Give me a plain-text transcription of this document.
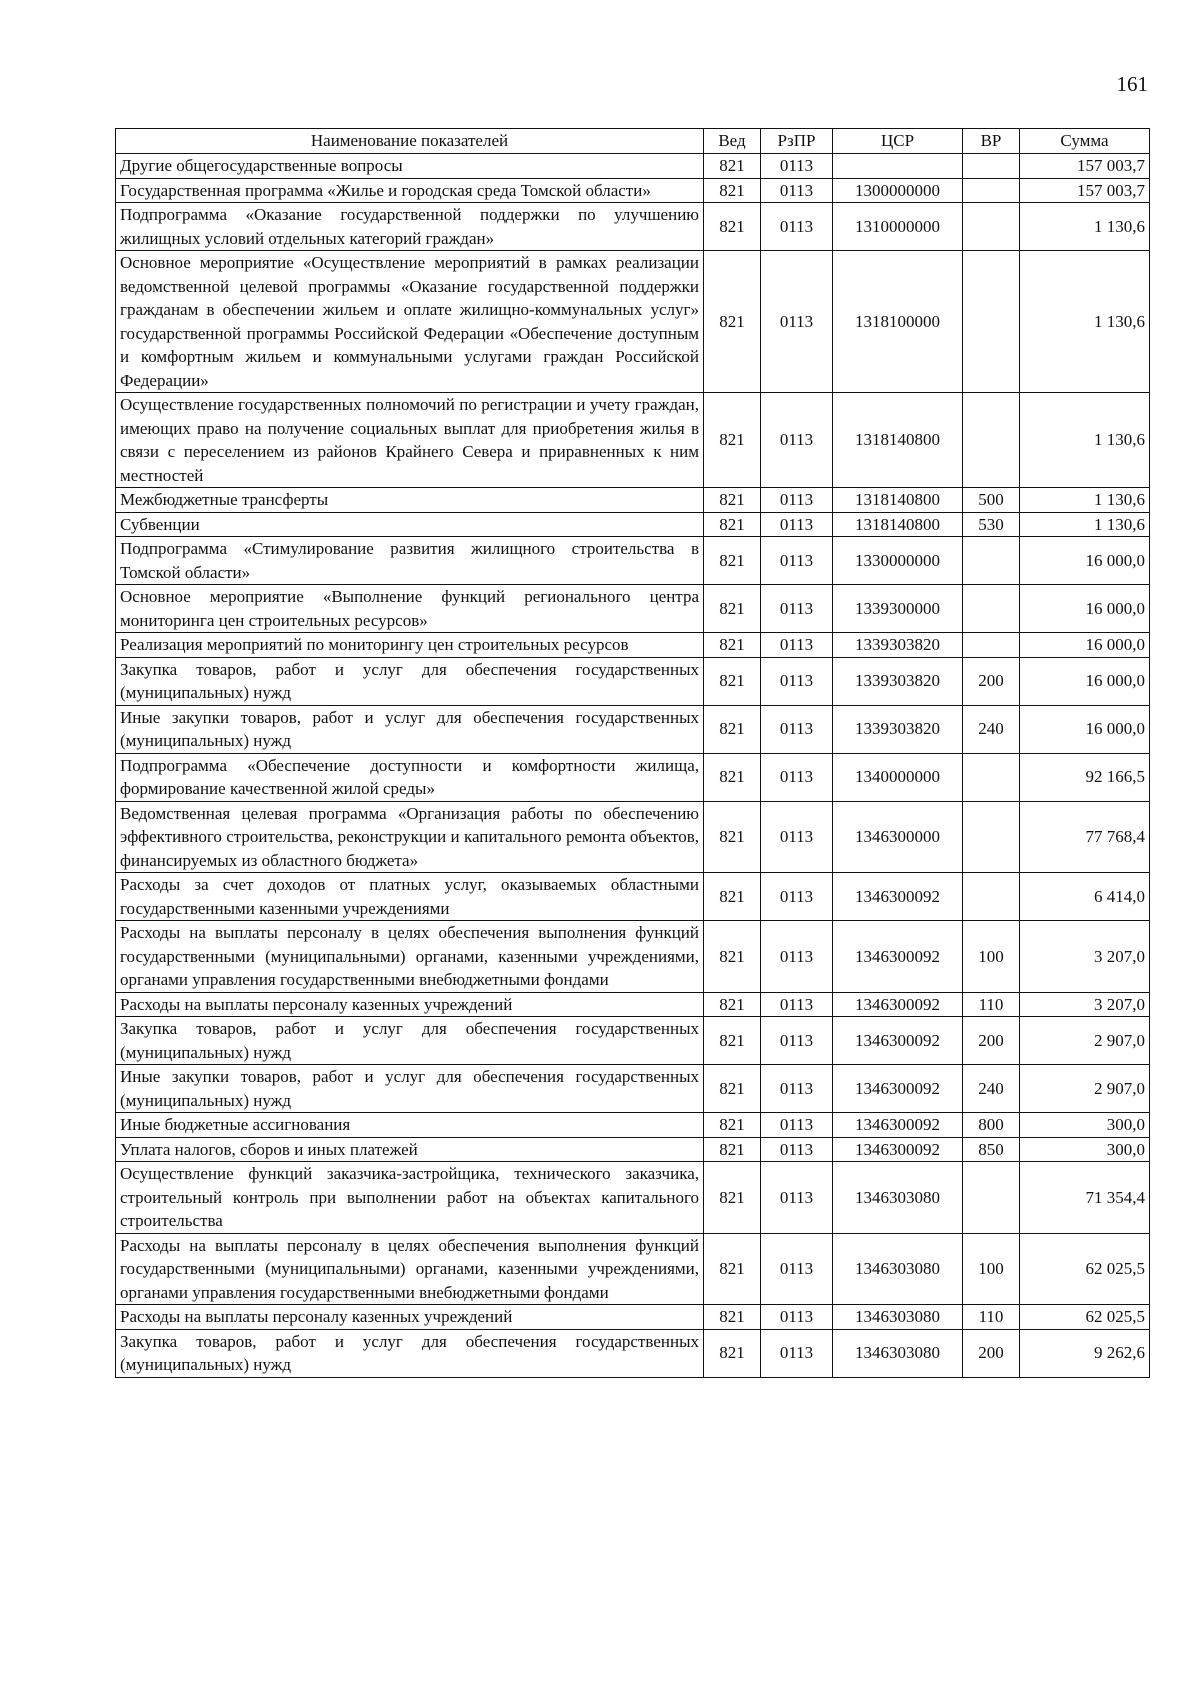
161
Наименование показателей	Вед	РзПР	ЦСР	ВР	Сумма
Другие общегосударственные вопросы	821	0113			157 003,7
Государственная программа «Жилье и городская среда Томской области»	821	0113	1300000000		157 003,7
Подпрограмма «Оказание государственной поддержки по улучшению жилищных условий отдельных категорий граждан»	821	0113	1310000000		1 130,6
Основное мероприятие «Осуществление мероприятий в рамках реализации ведомственной целевой программы «Оказание государственной поддержки гражданам в обеспечении жильем и оплате жилищно-коммунальных услуг» государственной программы Российской Федерации «Обеспечение доступным и комфортным жильем и коммунальными услугами граждан Российской Федерации»	821	0113	1318100000		1 130,6
Осуществление государственных полномочий по регистрации и учету граждан, имеющих право на получение социальных выплат для приобретения жилья в связи с переселением из районов Крайнего Севера и приравненных к ним местностей	821	0113	1318140800		1 130,6
Межбюджетные трансферты	821	0113	1318140800	500	1 130,6
Субвенции	821	0113	1318140800	530	1 130,6
Подпрограмма «Стимулирование развития жилищного строительства в Томской области»	821	0113	1330000000		16 000,0
Основное мероприятие «Выполнение функций регионального центра мониторинга цен строительных ресурсов»	821	0113	1339300000		16 000,0
Реализация мероприятий по мониторингу цен строительных ресурсов	821	0113	1339303820		16 000,0
Закупка товаров, работ и услуг для обеспечения государственных (муниципальных) нужд	821	0113	1339303820	200	16 000,0
Иные закупки товаров, работ и услуг для обеспечения государственных (муниципальных) нужд	821	0113	1339303820	240	16 000,0
Подпрограмма «Обеспечение доступности и комфортности жилища, формирование качественной жилой среды»	821	0113	1340000000		92 166,5
Ведомственная целевая программа «Организация работы по обеспечению эффективного строительства, реконструкции и капитального ремонта объектов, финансируемых из областного бюджета»	821	0113	1346300000		77 768,4
Расходы за счет доходов от платных услуг, оказываемых областными государственными казенными учреждениями	821	0113	1346300092		6 414,0
Расходы на выплаты персоналу в целях обеспечения выполнения функций государственными (муниципальными) органами, казенными учреждениями, органами управления государственными внебюджетными фондами	821	0113	1346300092	100	3 207,0
Расходы на выплаты персоналу казенных учреждений	821	0113	1346300092	110	3 207,0
Закупка товаров, работ и услуг для обеспечения государственных (муниципальных) нужд	821	0113	1346300092	200	2 907,0
Иные закупки товаров, работ и услуг для обеспечения государственных (муниципальных) нужд	821	0113	1346300092	240	2 907,0
Иные бюджетные ассигнования	821	0113	1346300092	800	300,0
Уплата налогов, сборов и иных платежей	821	0113	1346300092	850	300,0
Осуществление функций заказчика-застройщика, технического заказчика, строительный контроль при выполнении работ на объектах капитального строительства	821	0113	1346303080		71 354,4
Расходы на выплаты персоналу в целях обеспечения выполнения функций государственными (муниципальными) органами, казенными учреждениями, органами управления государственными внебюджетными фондами	821	0113	1346303080	100	62 025,5
Расходы на выплаты персоналу казенных учреждений	821	0113	1346303080	110	62 025,5
Закупка товаров, работ и услуг для обеспечения государственных (муниципальных) нужд	821	0113	1346303080	200	9 262,6
